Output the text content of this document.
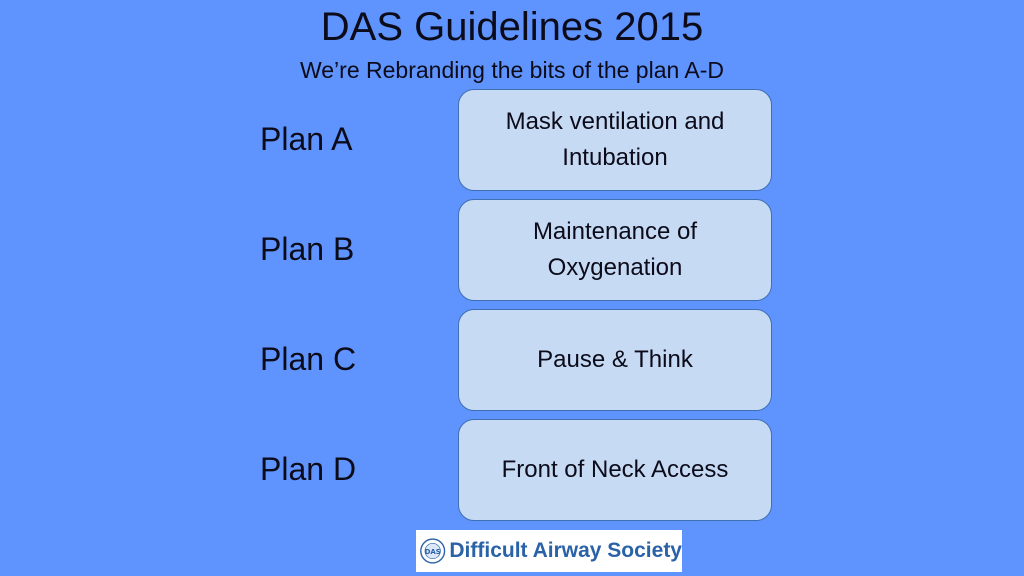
DAS Guidelines 2015
We’re Rebranding the bits of the plan A-D
Plan A	Mask ventilation and Intubation
Plan B	Maintenance of Oxygenation
Plan C	Pause & Think
Plan D	Front of Neck Access
DAS Difficult Airway Society
